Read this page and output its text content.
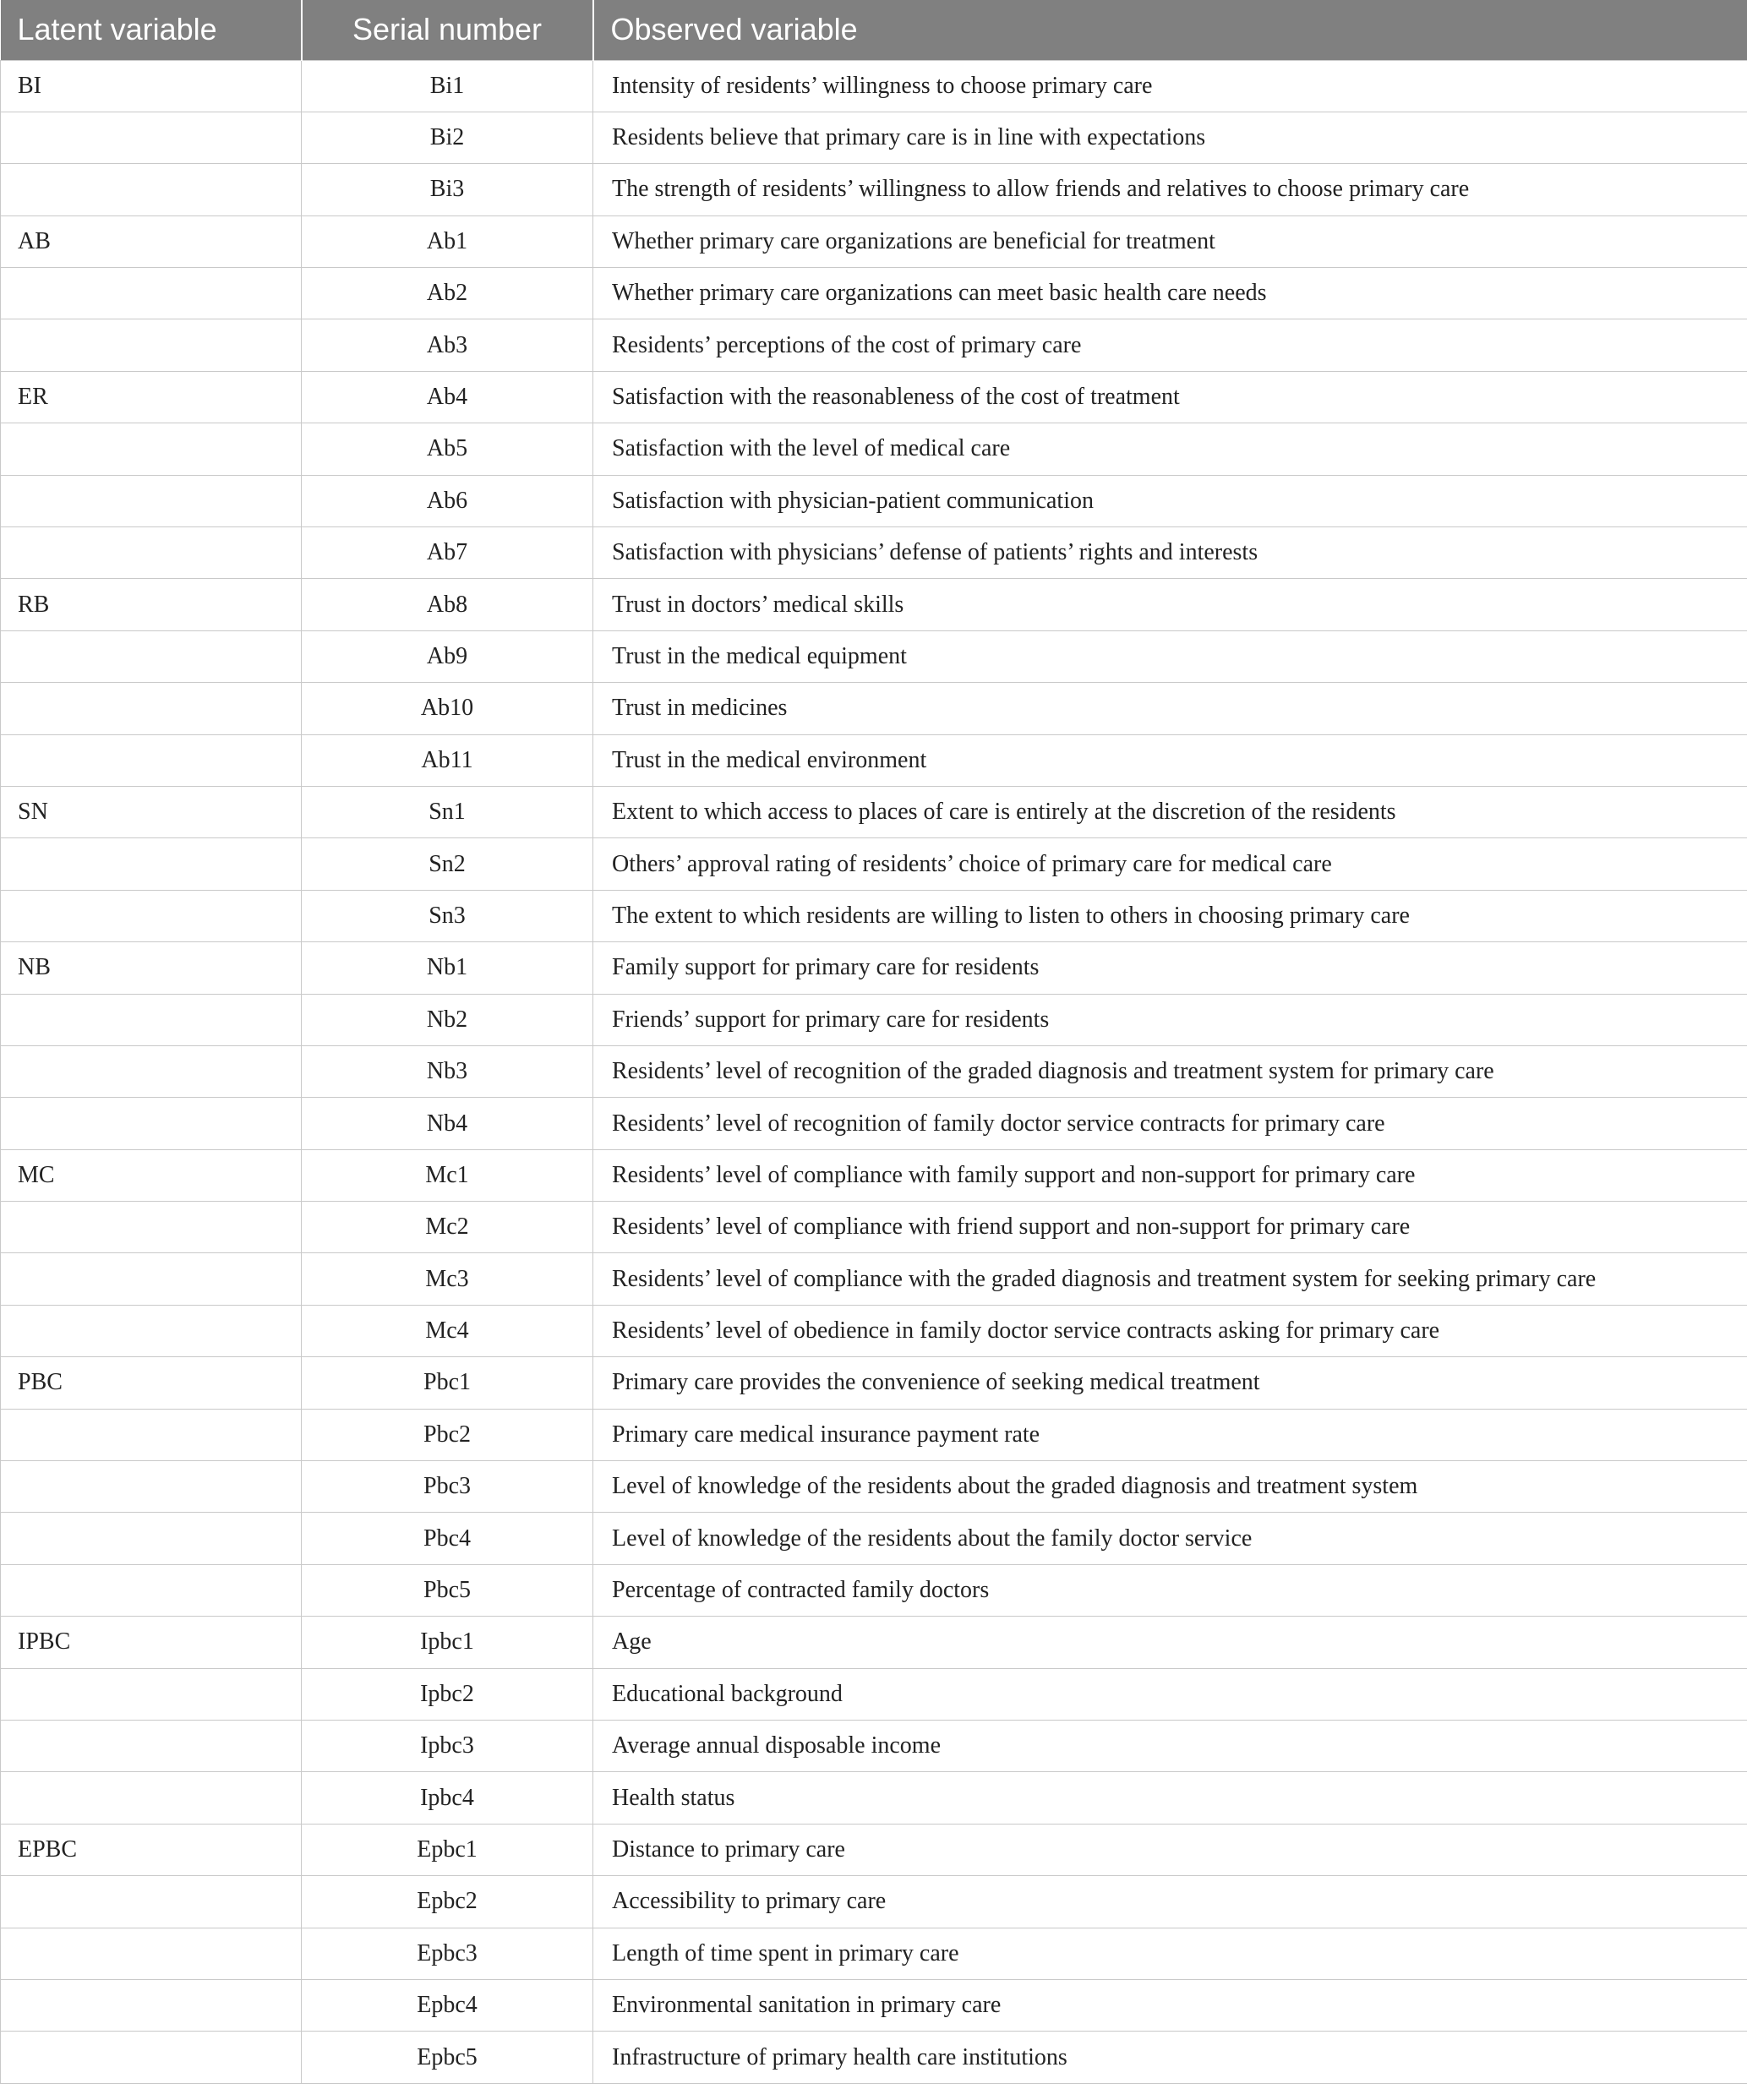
Latent variable	Serial number	Observed variable
BI	Bi1	Intensity of residents’ willingness to choose primary care
	Bi2	Residents believe that primary care is in line with expectations
	Bi3	The strength of residents’ willingness to allow friends and relatives to choose primary care
AB	Ab1	Whether primary care organizations are beneficial for treatment
	Ab2	Whether primary care organizations can meet basic health care needs
	Ab3	Residents’ perceptions of the cost of primary care
ER	Ab4	Satisfaction with the reasonableness of the cost of treatment
	Ab5	Satisfaction with the level of medical care
	Ab6	Satisfaction with physician-patient communication
	Ab7	Satisfaction with physicians’ defense of patients’ rights and interests
RB	Ab8	Trust in doctors’ medical skills
	Ab9	Trust in the medical equipment
	Ab10	Trust in medicines
	Ab11	Trust in the medical environment
SN	Sn1	Extent to which access to places of care is entirely at the discretion of the residents
	Sn2	Others’ approval rating of residents’ choice of primary care for medical care
	Sn3	The extent to which residents are willing to listen to others in choosing primary care
NB	Nb1	Family support for primary care for residents
	Nb2	Friends’ support for primary care for residents
	Nb3	Residents’ level of recognition of the graded diagnosis and treatment system for primary care
	Nb4	Residents’ level of recognition of family doctor service contracts for primary care
MC	Mc1	Residents’ level of compliance with family support and non-support for primary care
	Mc2	Residents’ level of compliance with friend support and non-support for primary care
	Mc3	Residents’ level of compliance with the graded diagnosis and treatment system for seeking primary care
	Mc4	Residents’ level of obedience in family doctor service contracts asking for primary care
PBC	Pbc1	Primary care provides the convenience of seeking medical treatment
	Pbc2	Primary care medical insurance payment rate
	Pbc3	Level of knowledge of the residents about the graded diagnosis and treatment system
	Pbc4	Level of knowledge of the residents about the family doctor service
	Pbc5	Percentage of contracted family doctors
IPBC	Ipbc1	Age
	Ipbc2	Educational background
	Ipbc3	Average annual disposable income
	Ipbc4	Health status
EPBC	Epbc1	Distance to primary care
	Epbc2	Accessibility to primary care
	Epbc3	Length of time spent in primary care
	Epbc4	Environmental sanitation in primary care
	Epbc5	Infrastructure of primary health care institutions
